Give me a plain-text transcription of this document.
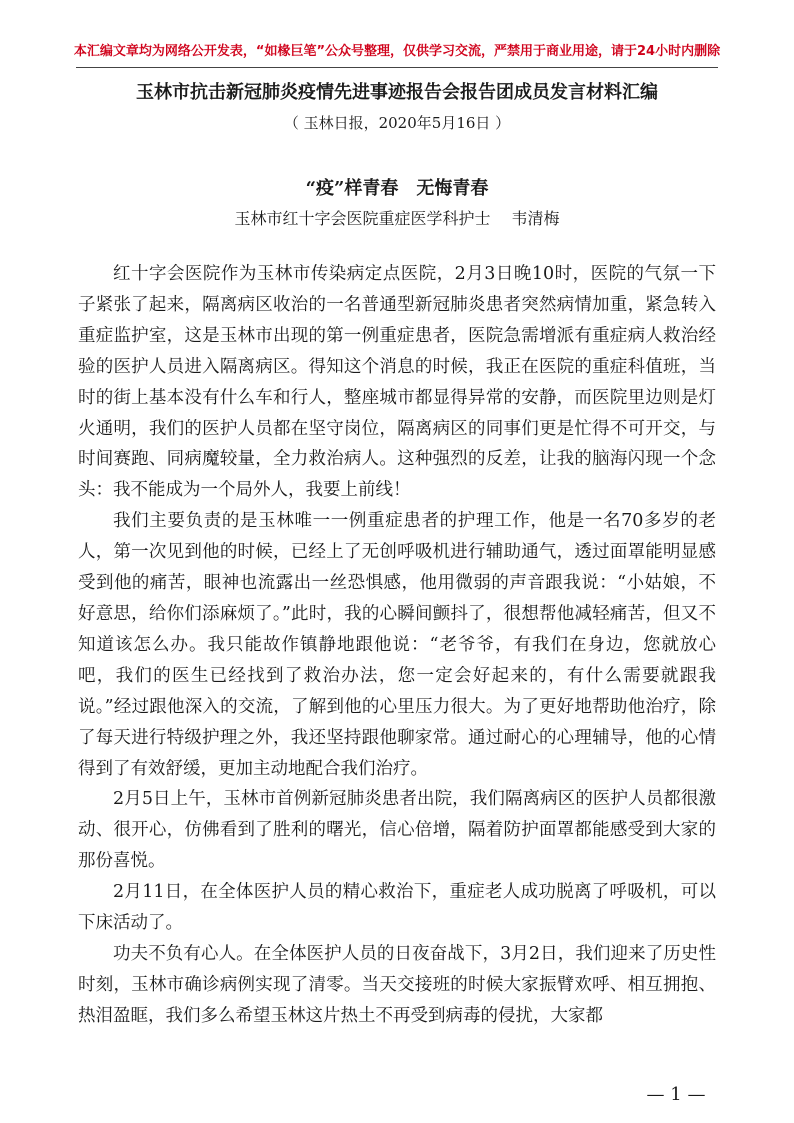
本汇编文章均为网络公开发表，“如椽巨笔”公众号整理，仅供学习交流，严禁用于商业用途，请于24小时内删除
玉林市抗击新冠肺炎疫情先进事迹报告会报告团成员发言材料汇编
（ 玉林日报，2020年5月16日 ）
“疫”样青春　无悔青春
玉林市红十字会医院重症医学科护士　 韦清梅

红十字会医院作为玉林市传染病定点医院，2月3日晚10时，医院的气氛一下子紧张了起来，隔离病区收治的一名普通型新冠肺炎患者突然病情加重，紧急转入重症监护室，这是玉林市出现的第一例重症患者，医院急需增派有重症病人救治经验的医护人员进入隔离病区。得知这个消息的时候，我正在医院的重症科值班，当时的街上基本没有什么车和行人，整座城市都显得异常的安静，而医院里边则是灯火通明，我们的医护人员都在坚守岗位，隔离病区的同事们更是忙得不可开交，与时间赛跑、同病魔较量，全力救治病人。这种强烈的反差，让我的脑海闪现一个念头：我不能成为一个局外人，我要上前线！

我们主要负责的是玉林唯一一例重症患者的护理工作，他是一名70多岁的老人，第一次见到他的时候，已经上了无创呼吸机进行辅助通气，透过面罩能明显感受到他的痛苦，眼神也流露出一丝恐惧感，他用微弱的声音跟我说：“小姑娘，不好意思，给你们添麻烦了。”此时，我的心瞬间颤抖了，很想帮他减轻痛苦，但又不知道该怎么办。我只能故作镇静地跟他说：“老爷爷，有我们在身边，您就放心吧，我们的医生已经找到了救治办法，您一定会好起来的，有什么需要就跟我说。”经过跟他深入的交流，了解到他的心里压力很大。为了更好地帮助他治疗，除了每天进行特级护理之外，我还坚持跟他聊家常。通过耐心的心理辅导，他的心情得到了有效舒缓，更加主动地配合我们治疗。

2月5日上午，玉林市首例新冠肺炎患者出院，我们隔离病区的医护人员都很激动、很开心，仿佛看到了胜利的曙光，信心倍增，隔着防护面罩都能感受到大家的那份喜悦。

2月11日，在全体医护人员的精心救治下，重症老人成功脱离了呼吸机，可以下床活动了。

功夫不负有心人。在全体医护人员的日夜奋战下，3月2日，我们迎来了历史性时刻，玉林市确诊病例实现了清零。当天交接班的时候大家振臂欢呼、相互拥抱、热泪盈眶，我们多么希望玉林这片热土不再受到病毒的侵扰，大家都

— 1 —
